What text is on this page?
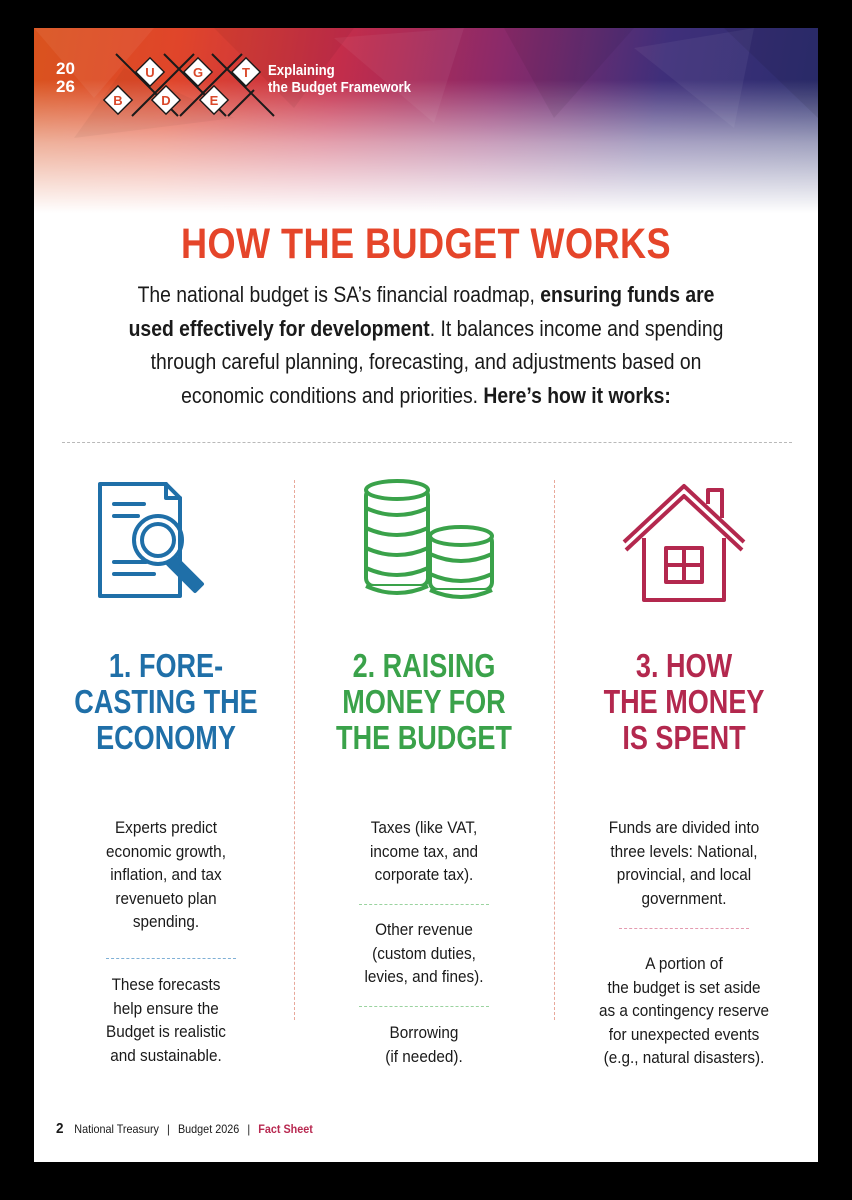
20
26
B
U
D
G
E
T Explaining
the Budget Framework
HOW THE BUDGET WORKS

The national budget is SA’s financial roadmap, ensuring funds are used effectively for development. It balances income and spending through careful planning, forecasting, and adjustments based on economic conditions and priorities. Here’s how it works:

1. FORE-
CASTING THE
ECONOMY
Experts predict
economic growth,
inflation, and tax
revenueto plan
spending.
These forecasts
help ensure the
Budget is realistic
and sustainable.
2. RAISING
MONEY FOR
THE BUDGET
Taxes (like VAT,
income tax, and
corporate tax).
Other revenue
(custom duties,
levies, and fines).
Borrowing
(if needed).
3. HOW
THE MONEY
IS SPENT
Funds are divided into
three levels: National,
provincial, and local
government.
A portion of
the budget is set aside
as a contingency reserve
for unexpected events
(e.g., natural disasters).
2 National Treasury | Budget 2026 | Fact Sheet
